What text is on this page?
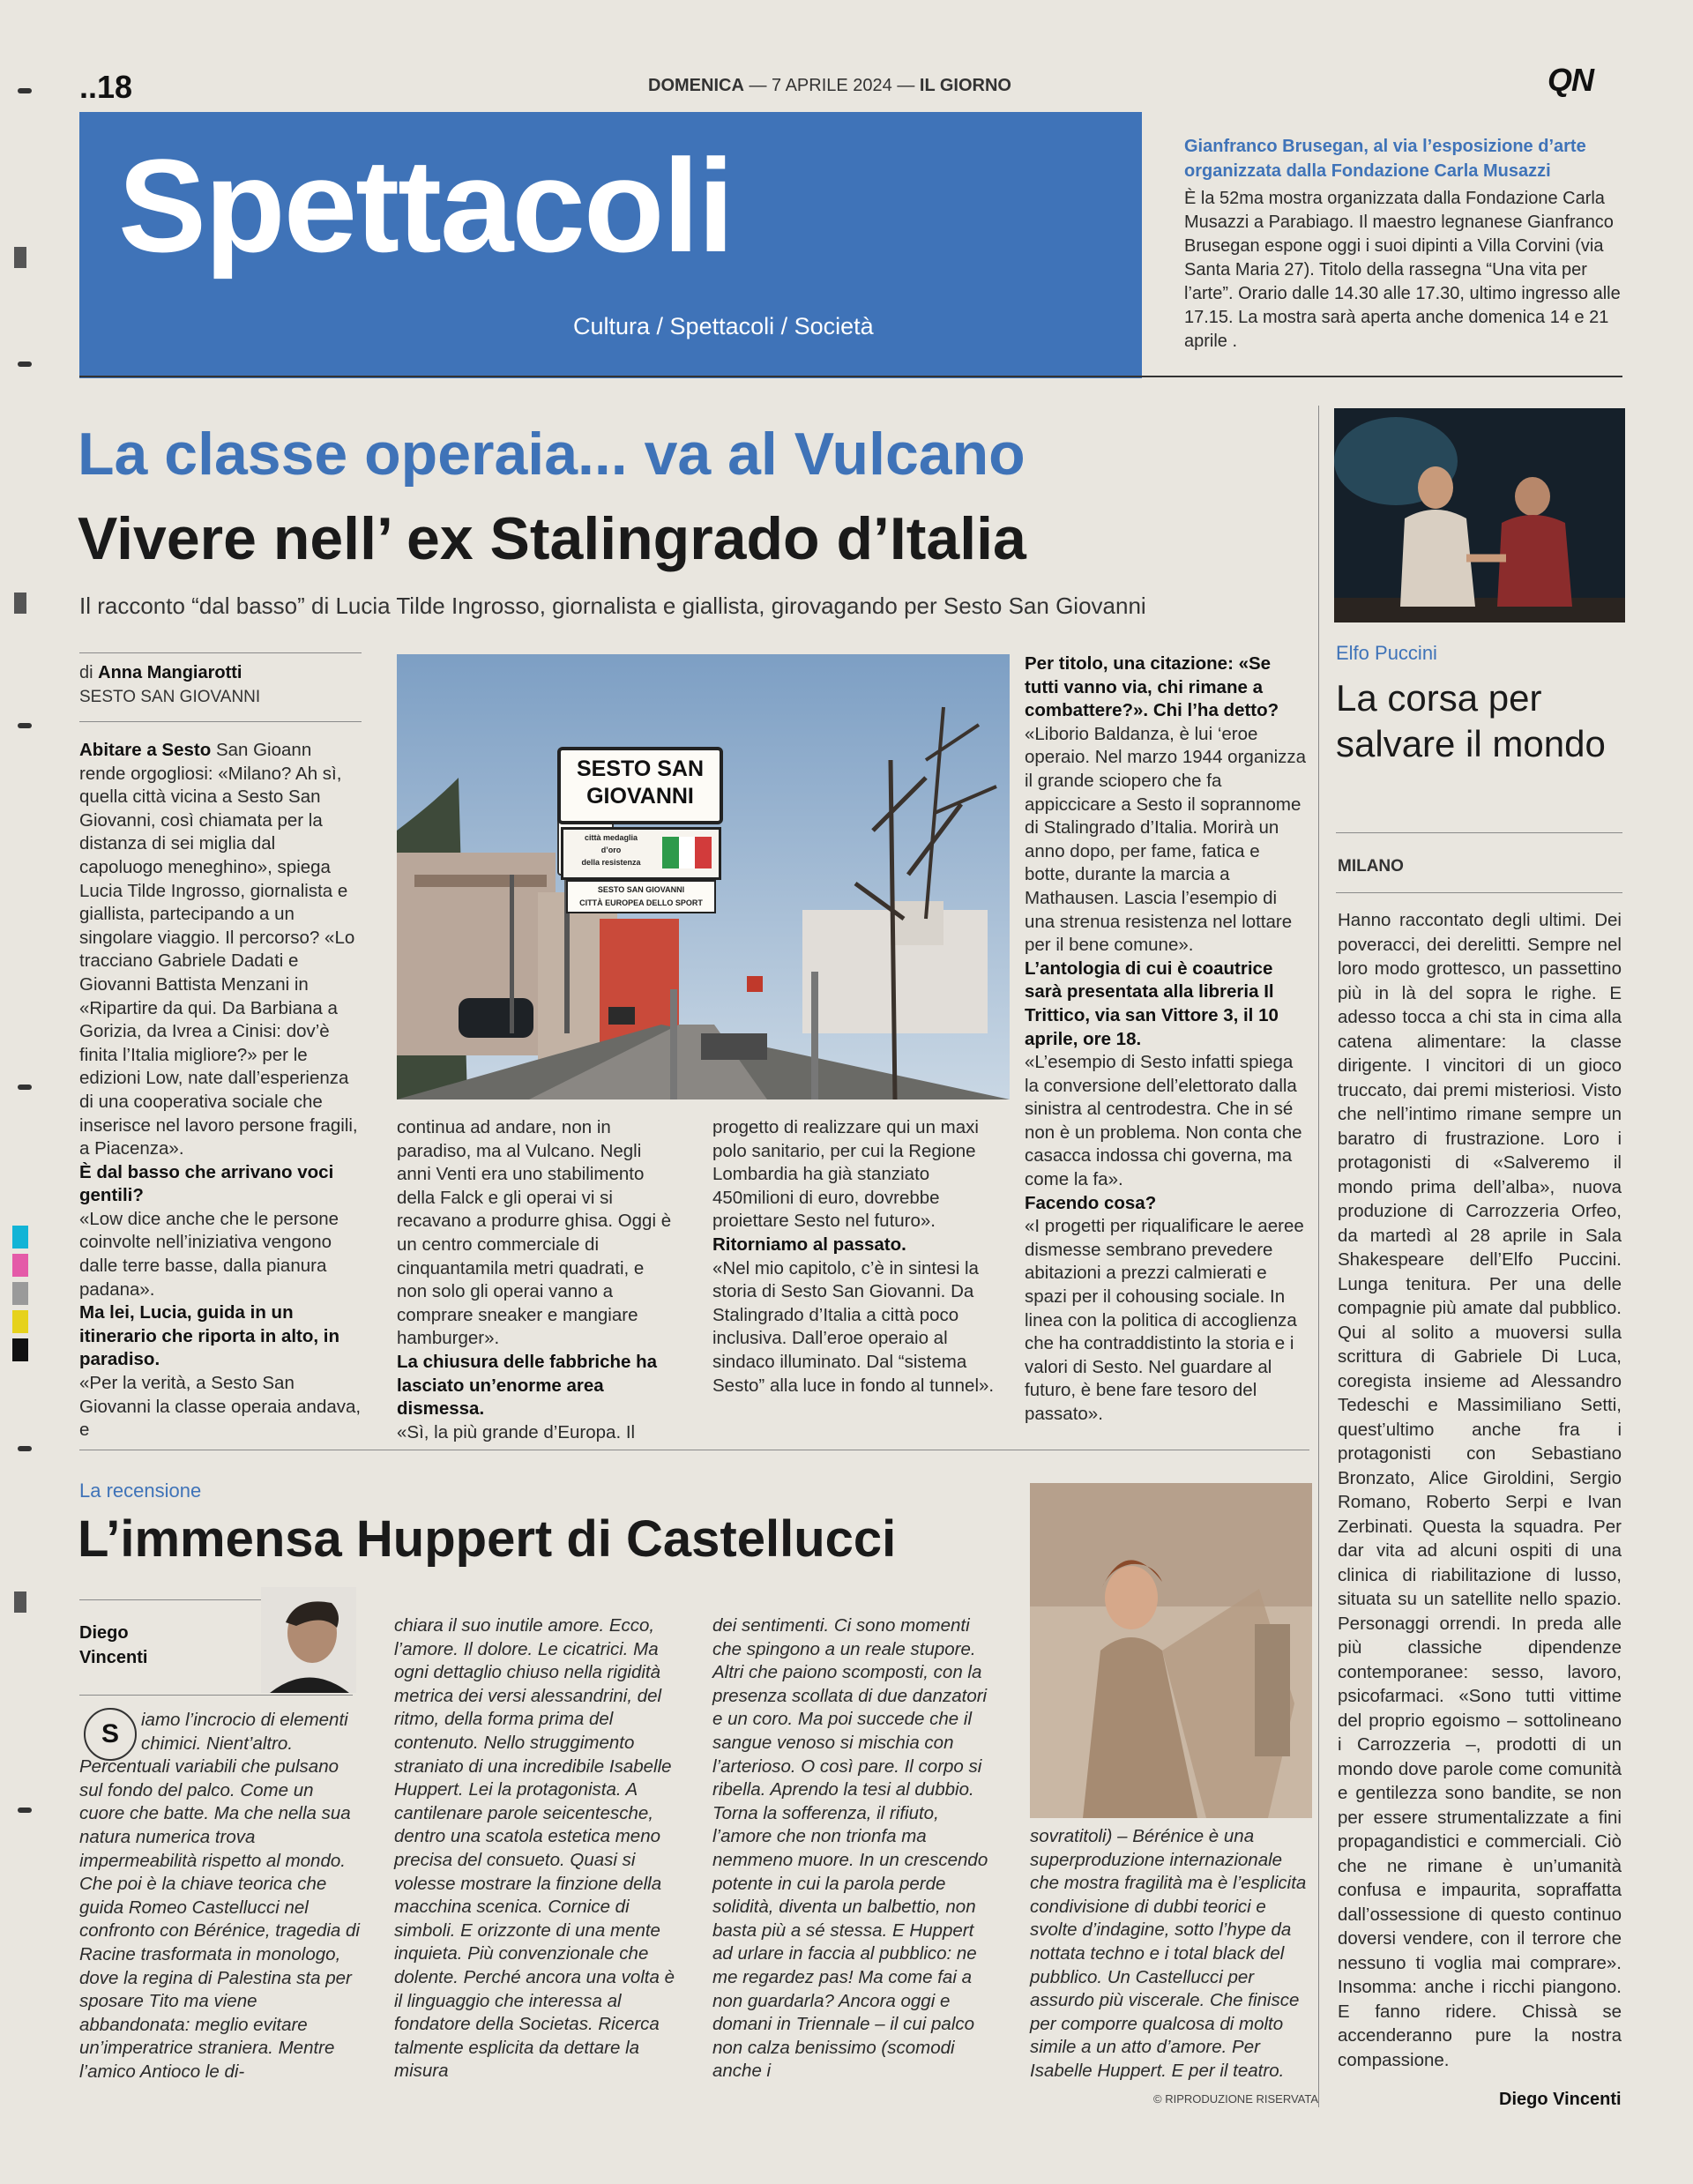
..18	DOMENICA — 7 APRILE 2024 — IL GIORNO	QN
Spettacoli
Cultura / Spettacoli / Società
Gianfranco Brusegan, al via l’esposizione d’arte organizzata dalla Fondazione Carla Musazzi
È la 52ma mostra organizzata dalla Fondazione Carla Musazzi a Parabiago. Il maestro legnanese Gianfranco Brusegan espone oggi i suoi dipinti a Villa Corvini (via Santa Maria 27). Titolo della rassegna “Una vita per l’arte”. Orario dalle 14.30 alle 17.30, ultimo ingresso alle 17.15. La mostra sarà aperta anche domenica 14 e 21 aprile .
La classe operaia... va al Vulcano
Vivere nell’ ex Stalingrado d’Italia
Il racconto “dal basso” di Lucia Tilde Ingrosso, giornalista e giallista, girovagando per Sesto San Giovanni
di Anna Mangiarotti
SESTO SAN GIOVANNI

Abitare a Sesto San Gioann rende orgogliosi: «Milano? Ah sì, quella città vicina a Sesto San Giovanni, così chiamata per la distanza di sei miglia dal capoluogo meneghino», spiega Lucia Tilde Ingrosso, giornalista e giallista, partecipando a un singolare viaggio. Il percorso? «Lo tracciano Gabriele Dadati e Giovanni Battista Menzani in «Ripartire da qui. Da Barbiana a Gorizia, da Ivrea a Cinisi: dov’è finita l’Italia migliore?» per le edizioni Low, nate dall’esperienza di una cooperativa sociale che inserisce nel lavoro persone fragili, a Piacenza».

È dal basso che arrivano voci gentili?

«Low dice anche che le persone coinvolte nell’iniziativa vengono dalle terre basse, dalla pianura padana».

Ma lei, Lucia, guida in un itinerario che riporta in alto, in paradiso.

«Per la verità, a Sesto San Giovanni la classe operaia andava, e

SESTO SAN
GIOVANNI
città medaglia
d’oro
della resistenza
SESTO SAN GIOVANNI
CITTÀ EUROPEA DELLO SPORT

continua ad andare, non in paradiso, ma al Vulcano. Negli anni Venti era uno stabilimento della Falck e gli operai vi si recavano a produrre ghisa. Oggi è un centro commerciale di cinquantamila metri quadrati, e non solo gli operai vanno a comprare sneaker e mangiare hamburger».

La chiusura delle fabbriche ha lasciato un’enorme area dismessa.

«Sì, la più grande d’Europa. Il

progetto di realizzare qui un maxi polo sanitario, per cui la Regione Lombardia ha già stanziato 450milioni di euro, dovrebbe proiettare Sesto nel futuro».

Ritorniamo al passato.

«Nel mio capitolo, c’è in sintesi la storia di Sesto San Giovanni. Da Stalingrado d’Italia a città poco inclusiva. Dall’eroe operaio al sindaco illuminato. Dal “sistema Sesto” alla luce in fondo al tunnel».

Per titolo, una citazione: «Se tutti vanno via, chi rimane a combattere?». Chi l’ha detto?

«Liborio Baldanza, è lui ‘eroe operaio. Nel marzo 1944 organizza il grande sciopero che fa appiccicare a Sesto il soprannome di Stalingrado d’Italia. Morirà un anno dopo, per fame, fatica e botte, durante la marcia a Mathausen. Lascia l’esempio di una strenua resistenza nel lottare per il bene comune».

L’antologia di cui è coautrice sarà presentata alla libreria Il Trittico, via san Vittore 3, il 10 aprile, ore 18.

«L’esempio di Sesto infatti spiega la conversione dell’elettorato dalla sinistra al centrodestra. Che in sé non è un problema. Non conta che casacca indossa chi governa, ma come la fa».

Facendo cosa?

«I progetti per riqualificare le aeree dismesse sembrano prevedere abitazioni a prezzi calmierati e spazi per il cohousing sociale. In linea con la politica di accoglienza che ha contraddistinto la storia e i valori di Sesto. Nel guardare al futuro, è bene fare tesoro del passato».

Elfo Puccini
La corsa per salvare il mondo
MILANO
Hanno raccontato degli ultimi. Dei poveracci, dei derelitti. Sempre nel loro modo grottesco, un passettino più in là del sopra le righe. E adesso tocca a chi sta in cima alla catena alimentare: la classe dirigente. I vincitori di un gioco truccato, dai premi misteriosi. Visto che nell’intimo rimane sempre un baratro di frustrazione. Loro i protagonisti di «Salveremo il mondo prima dell’alba», nuova produzione di Carrozzeria Orfeo, da martedì al 28 aprile in Sala Shakespeare dell’Elfo Puccini. Lunga tenitura. Per una delle compagnie più amate dal pubblico. Qui al solito a muoversi sulla scrittura di Gabriele Di Luca, coregista insieme ad Alessandro Tedeschi e Massimiliano Setti, quest’ultimo anche fra i protagonisti con Sebastiano Bronzato, Alice Giroldini, Sergio Romano, Roberto Serpi e Ivan Zerbinati. Questa la squadra. Per dar vita ad alcuni ospiti di una clinica di riabilitazione di lusso, situata su un satellite nello spazio. Personaggi orrendi. In preda alle più classiche dipendenze contemporanee: sesso, lavoro, psicofarmaci. «Sono tutti vittime del proprio egoismo – sottolineano i Carrozzeria –, prodotti di un mondo dove parole come comunità e gentilezza sono bandite, se non per essere strumentalizzate a fini propagandistici e commerciali. Ciò che ne rimane è un’umanità confusa e impaurita, sopraffatta dall’ossessione di questo continuo doversi vendere, con il terrore che nessuno ti voglia mai comprare». Insomma: anche i ricchi piangono. E fanno ridere. Chissà se accenderanno pure la nostra compassione.
Diego Vincenti
La recensione
L’immensa Huppert di Castellucci
Diego
Vincenti
S	iamo l’incrocio di elementi chimici. Nient’altro. Percentuali variabili che pulsano sul fondo del palco. Come un cuore che batte. Ma che nella sua natura numerica trova impermeabilità rispetto al mondo. Che poi è la chiave teorica che guida Romeo Castellucci nel confronto con Bérénice, tragedia di Racine trasformata in monologo, dove la regina di Palestina sta per sposare Tito ma viene abbandonata: meglio evitare un’imperatrice straniera. Mentre l’amico Antioco le di-

chiara il suo inutile amore. Ecco, l’amore. Il dolore. Le cicatrici. Ma ogni dettaglio chiuso nella rigidità metrica dei versi alessandrini, del ritmo, della forma prima del contenuto. Nello struggimento straniato di una incredibile Isabelle Huppert. Lei la protagonista. A cantilenare parole seicentesche, dentro una scatola estetica meno precisa del consueto. Quasi si volesse mostrare la finzione della macchina scenica. Cornice di simboli. E orizzonte di una mente inquieta. Più convenzionale che dolente. Perché ancora una volta è il linguaggio che interessa al fondatore della Societas. Ricerca talmente esplicita da dettare la misura

dei sentimenti. Ci sono momenti che spingono a un reale stupore. Altri che paiono scomposti, con la presenza scollata di due danzatori e un coro. Ma poi succede che il sangue venoso si mischia con l’arterioso. O così pare. Il corpo si ribella. Aprendo la tesi al dubbio. Torna la sofferenza, il rifiuto, l’amore che non trionfa ma nemmeno muore. In un crescendo potente in cui la parola perde solidità, diventa un balbettio, non basta più a sé stessa. E Huppert ad urlare in faccia al pubblico: ne me regardez pas! Ma come fai a non guardarla? Ancora oggi e domani in Triennale – il cui palco non calza benissimo (scomodi anche i

sovratitoli) – Bérénice è una superproduzione internazionale che mostra fragilità ma è l’esplicita condivisione di dubbi teorici e svolte d’indagine, sotto l’hype da nottata techno e i total black del pubblico. Un Castellucci per assurdo più viscerale. Che finisce per comporre qualcosa di molto simile a un atto d’amore. Per Isabelle Huppert. E per il teatro.

© RIPRODUZIONE RISERVATA
